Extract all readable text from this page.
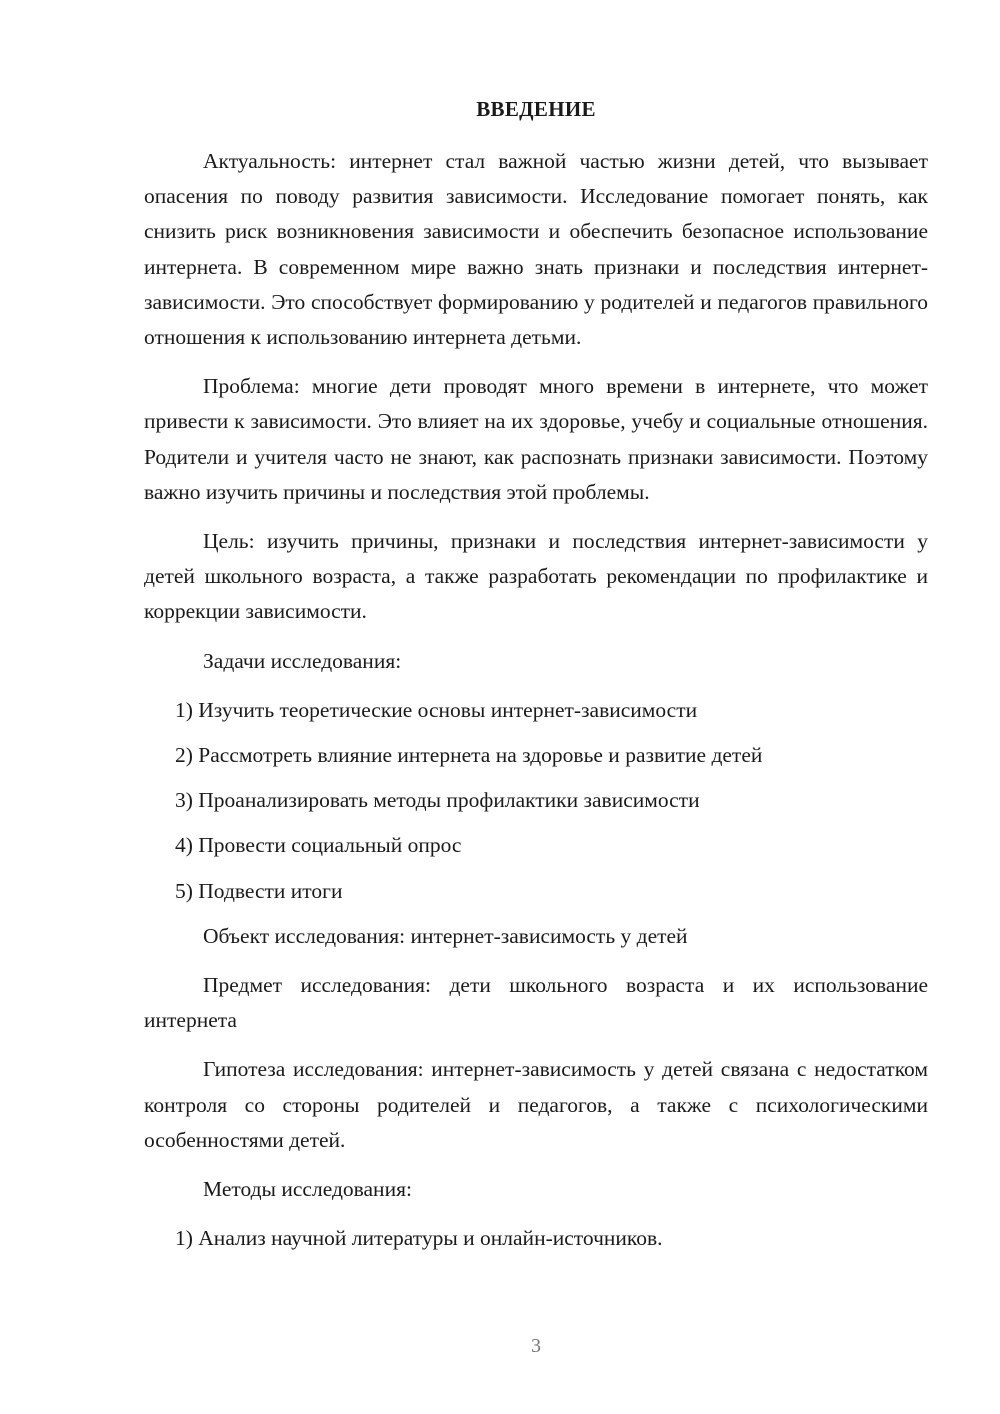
ВВЕДЕНИЕ

Актуальность: интернет стал важной частью жизни детей, что вызывает опасения по поводу развития зависимости. Исследование помогает понять, как снизить риск возникновения зависимости и обеспечить безопасное использование интернета. В современном мире важно знать признаки и последствия интернет-зависимости. Это способствует формированию у родителей и педагогов правильного отношения к использованию интернета детьми.

Проблема: многие дети проводят много времени в интернете, что может привести к зависимости. Это влияет на их здоровье, учебу и социальные отношения. Родители и учителя часто не знают, как распознать признаки зависимости. Поэтому важно изучить причины и последствия этой проблемы.

Цель: изучить причины, признаки и последствия интернет-зависимости у детей школьного возраста, а также разработать рекомендации по профилактике и коррекции зависимости.

Задачи исследования:

1) Изучить теоретические основы интернет-зависимости
2) Рассмотреть влияние интернета на здоровье и развитие детей
3) Проанализировать методы профилактики зависимости
4) Провести социальный опрос
5) Подвести итоги

Объект исследования: интернет-зависимость у детей

Предмет исследования: дети школьного возраста и их использование интернета

Гипотеза исследования: интернет-зависимость у детей связана с недостатком контроля со стороны родителей и педагогов, а также с психологическими особенностями детей.

Методы исследования:

1) Анализ научной литературы и онлайн-источников.
3
